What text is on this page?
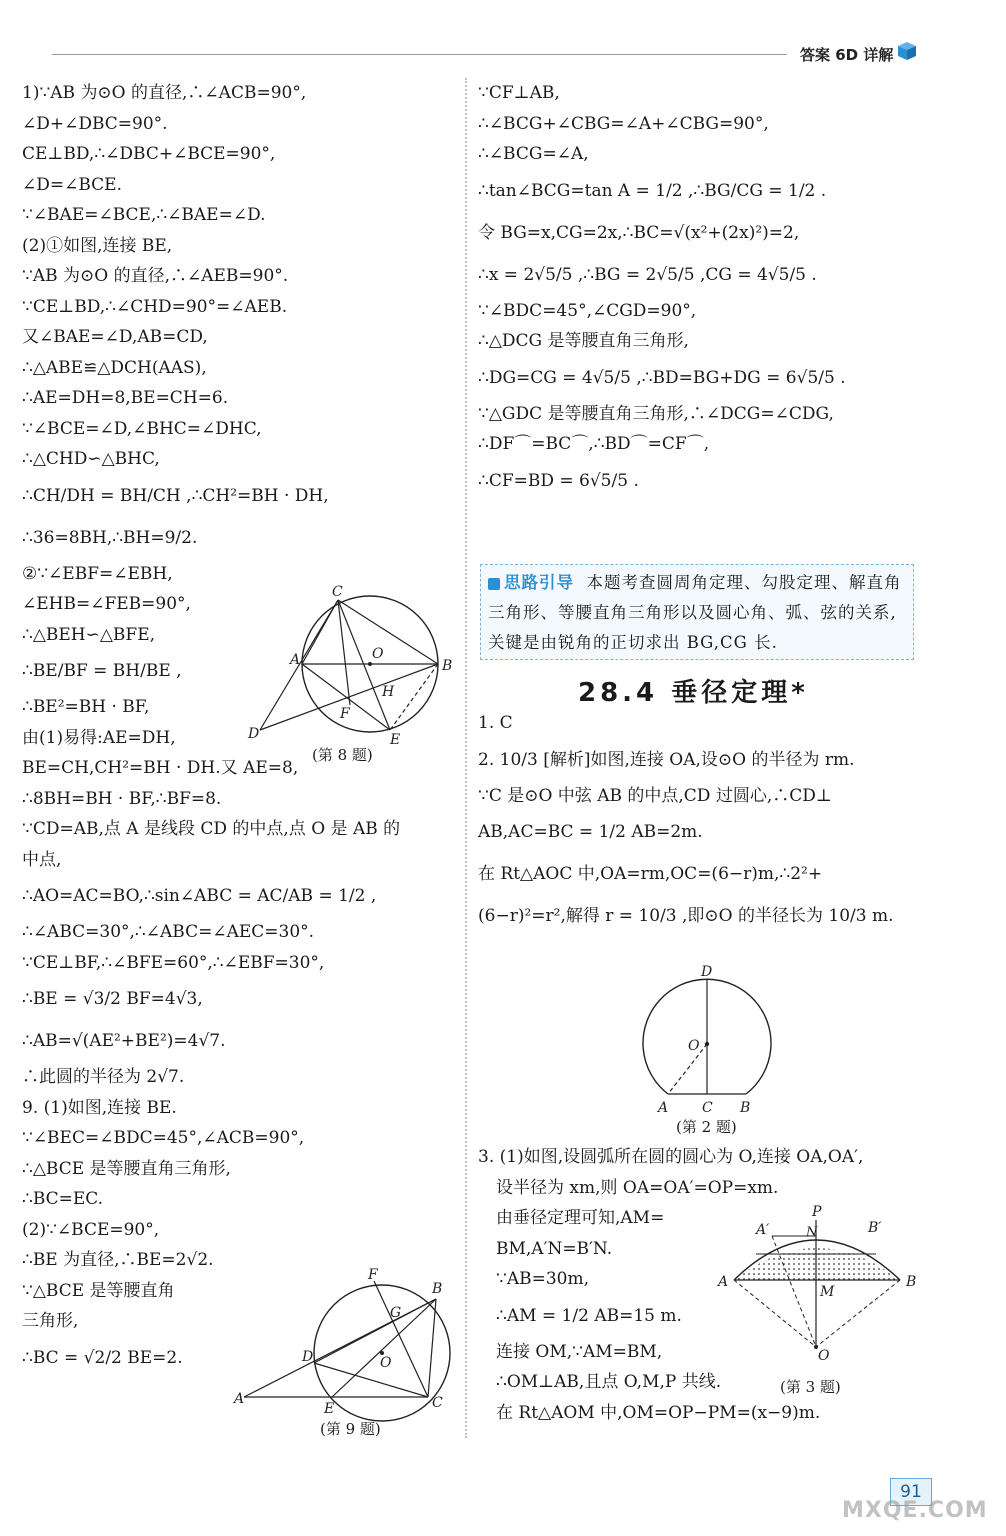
答案 6D 详解
1)∵AB 为⊙O 的直径,∴∠ACB=90°,
∠D+∠DBC=90°.
CE⊥BD,∴∠DBC+∠BCE=90°,
∠D=∠BCE.
∵∠BAE=∠BCE,∴∠BAE=∠D.
(2)①如图,连接 BE,
∵AB 为⊙O 的直径,∴∠AEB=90°.
∵CE⊥BD,∴∠CHD=90°=∠AEB.
又∠BAE=∠D,AB=CD,
∴△ABE≌△DCH(AAS),
∴AE=DH=8,BE=CH=6.
∵∠BCE=∠D,∠BHC=∠DHC,
∴△CHD∽△BHC,
∴CH/DH = BH/CH ,∴CH²=BH · DH,
∴36=8BH,∴BH=9/2.
②∵∠EBF=∠EBH,
∠EHB=∠FEB=90°,
∴△BEH∽△BFE,
∴BE/BF = BH/BE ,
∴BE²=BH · BF,
由(1)易得:AE=DH,
BE=CH,CH²=BH · DH.又 AE=8,
∴8BH=BH · BF,∴BF=8.
∵CD=AB,点 A 是线段 CD 的中点,点 O 是 AB 的
中点,
∴AO=AC=BO,∴sin∠ABC = AC/AB = 1/2 ,
∴∠ABC=30°,∴∠ABC=∠AEC=30°.
∵CE⊥BF,∴∠BFE=60°,∴∠EBF=30°,
∴BE = √3/2 BF=4√3,
∴AB=√(AE²+BE²)=4√7.
∴此圆的半径为 2√7.
9. (1)如图,连接 BE.
∵∠BEC=∠BDC=45°,∠ACB=90°,
∴△BCE 是等腰直角三角形,
∴BC=EC.
(2)∵∠BCE=90°,
∴BE 为直径,∴BE=2√2.
∵△BCE 是等腰直角
三角形,
∴BC = √2/2 BE=2.
C
O
A	B
H
F
D	E
(第 8 题)
F
B
G
D	O
A
E	C
(第 9 题)
∵CF⊥AB,
∴∠BCG+∠CBG=∠A+∠CBG=90°,
∴∠BCG=∠A,
∴tan∠BCG=tan A = 1/2 ,∴BG/CG = 1/2 .
令 BG=x,CG=2x,∴BC=√(x²+(2x)²)=2,
∴x = 2√5/5 ,∴BG = 2√5/5 ,CG = 4√5/5 .
∵∠BDC=45°,∠CGD=90°,
∴△DCG 是等腰直角三角形,
∴DG=CG = 4√5/5 ,∴BD=BG+DG = 6√5/5 .
∵△GDC 是等腰直角三角形,∴∠DCG=∠CDG,
∴DF⌒=BC⌒,∴BD⌒=CF⌒,
∴CF=BD = 6√5/5 .
思路引导 本题考查圆周角定理、勾股定理、解直角
三角形、等腰直角三角形以及圆心角、弧、弦的关系,
关键是由锐角的正切求出 BG,CG 长.
28.4 垂径定理*
1. C
2. 10/3 [解析]如图,连接 OA,设⊙O 的半径为 rm.
∵C 是⊙O 中弦 AB 的中点,CD 过圆心,∴CD⊥
AB,AC=BC = 1/2 AB=2m.
在 Rt△AOC 中,OA=rm,OC=(6−r)m,∴2²+
(6−r)²=r²,解得 r = 10/3 ,即⊙O 的半径长为 10/3 m.
D
O
A C B
(第 2 题)
3. (1)如图,设圆弧所在圆的圆心为 O,连接 OA,OA′,
设半径为 xm,则 OA=OA′=OP=xm.
由垂径定理可知,AM=
BM,A′N=B′N.
∵AB=30m,
∴AM = 1/2 AB=15 m.
连接 OM,∵AM=BM,
∴OM⊥AB,且点 O,M,P 共线.
在 Rt△AOM 中,OM=OP−PM=(x−9)m.
P
A′	N	B′
A
M
B
O
(第 3 题)
91
MXQE.COM
